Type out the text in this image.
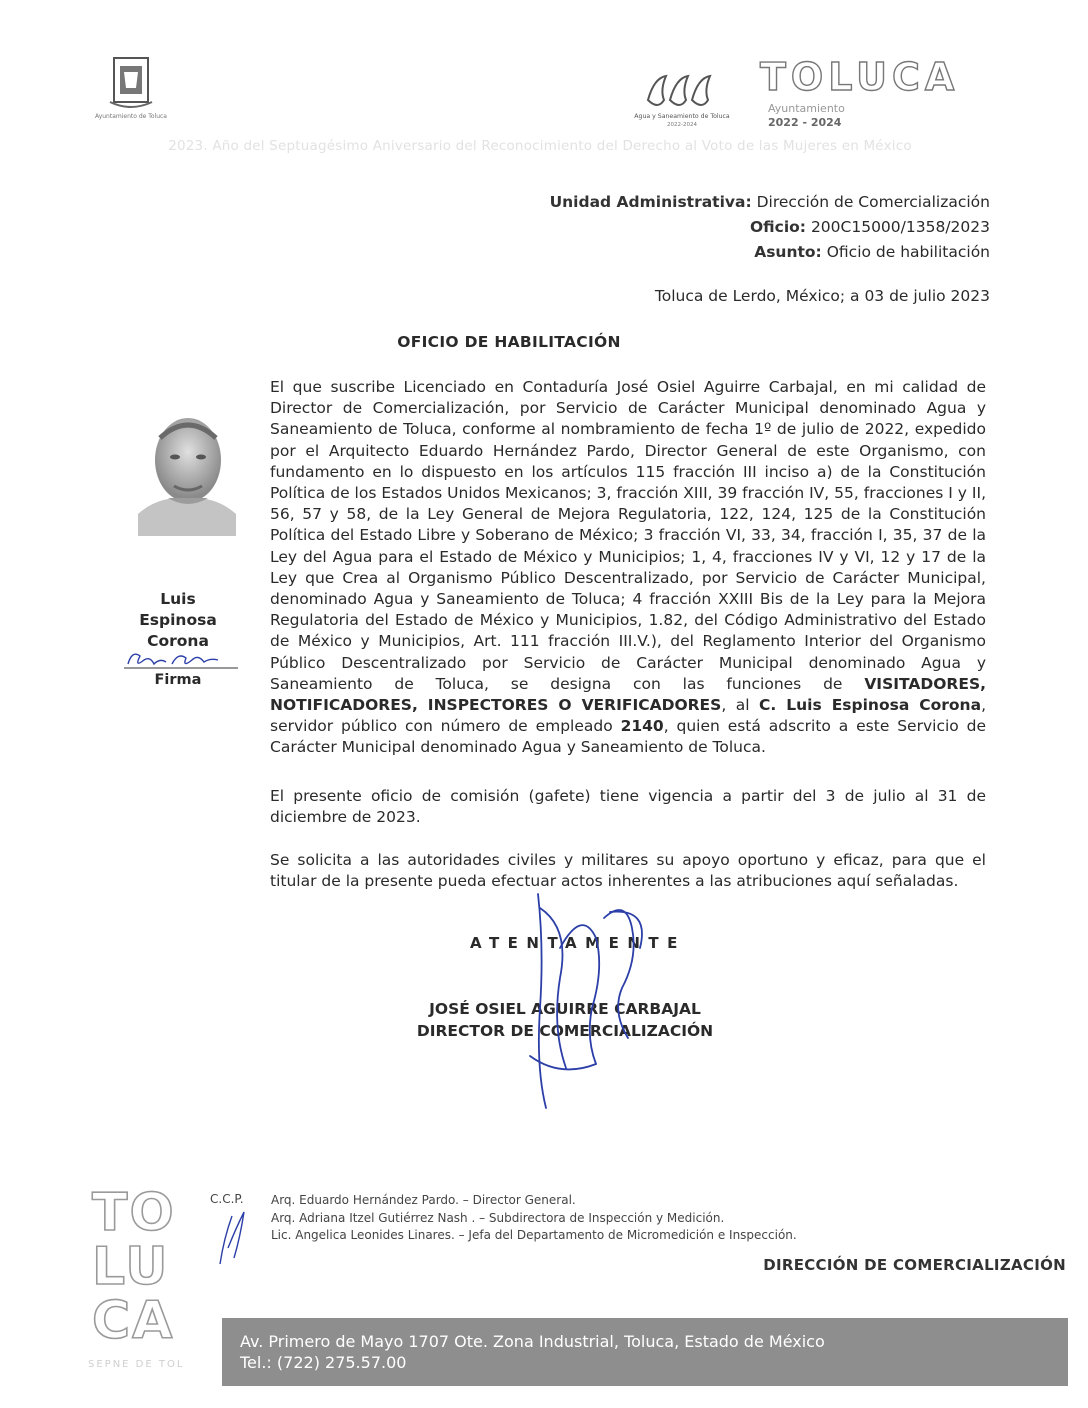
Ayuntamiento de Toluca	Agua y Saneamiento de Toluca
2022-2024
TOLUCA
Ayuntamiento
2022 - 2024
2023. Año del Septuagésimo Aniversario del Reconocimiento del Derecho al Voto de las Mujeres en México
Unidad Administrativa: Dirección de Comercialización
Oficio: 200C15000/1358/2023
Asunto: Oficio de habilitación
Toluca de Lerdo, México; a 03 de julio 2023
OFICIO DE HABILITACIÓN
El que suscribe Licenciado en Contaduría José Osiel Aguirre Carbajal, en mi calidad de Director de Comercialización, por Servicio de Carácter Municipal denominado Agua y Saneamiento de Toluca, conforme al nombramiento de fecha 1º de julio de 2022, expedido por el Arquitecto Eduardo Hernández Pardo, Director General de este Organismo, con fundamento en lo dispuesto en los artículos 115 fracción III inciso a) de la Constitución Política de los Estados Unidos Mexicanos; 3, fracción XIII, 39 fracción IV, 55, fracciones I y II, 56, 57 y 58, de la Ley General de Mejora Regulatoria, 122, 124, 125 de la Constitución Política del Estado Libre y Soberano de México; 3 fracción VI, 33, 34, fracción I, 35, 37 de la Ley del Agua para el Estado de México y Municipios; 1, 4, fracciones IV y VI, 12 y 17 de la Ley que Crea al Organismo Público Descentralizado, por Servicio de Carácter Municipal, denominado Agua y Saneamiento de Toluca; 4 fracción XXIII Bis de la Ley para la Mejora Regulatoria del Estado de México y Municipios, 1.82, del Código Administrativo del Estado de México y Municipios, Art. 111 fracción III.V.), del Reglamento Interior del Organismo Público Descentralizado por Servicio de Carácter Municipal denominado Agua y Saneamiento de Toluca, se designa con las funciones de VISITADORES, NOTIFICADORES, INSPECTORES O VERIFICADORES, al C. Luis Espinosa Corona, servidor público con número de empleado 2140, quien está adscrito a este Servicio de Carácter Municipal denominado Agua y Saneamiento de Toluca.
El presente oficio de comisión (gafete) tiene vigencia a partir del 3 de julio al 31 de diciembre de 2023.
Se solicita a las autoridades civiles y militares su apoyo oportuno y eficaz, para que el titular de la presente pueda efectuar actos inherentes a las atribuciones aquí señaladas.
Luis
Espinosa
Corona
Firma
ATENTAMENTE
JOSÉ OSIEL AGUIRRE CARBAJAL
DIRECTOR DE COMERCIALIZACIÓN
TO
LU
CA
SEPNE DE TOL
C.C.P. Arq. Eduardo Hernández Pardo. – Director General.
Arq. Adriana Itzel Gutiérrez Nash . – Subdirectora de Inspección y Medición.
Lic. Angelica Leonides Linares. – Jefa del Departamento de Micromedición e Inspección.
DIRECCIÓN DE COMERCIALIZACIÓN
Av. Primero de Mayo 1707 Ote. Zona Industrial, Toluca, Estado de México
Tel.: (722) 275.57.00
